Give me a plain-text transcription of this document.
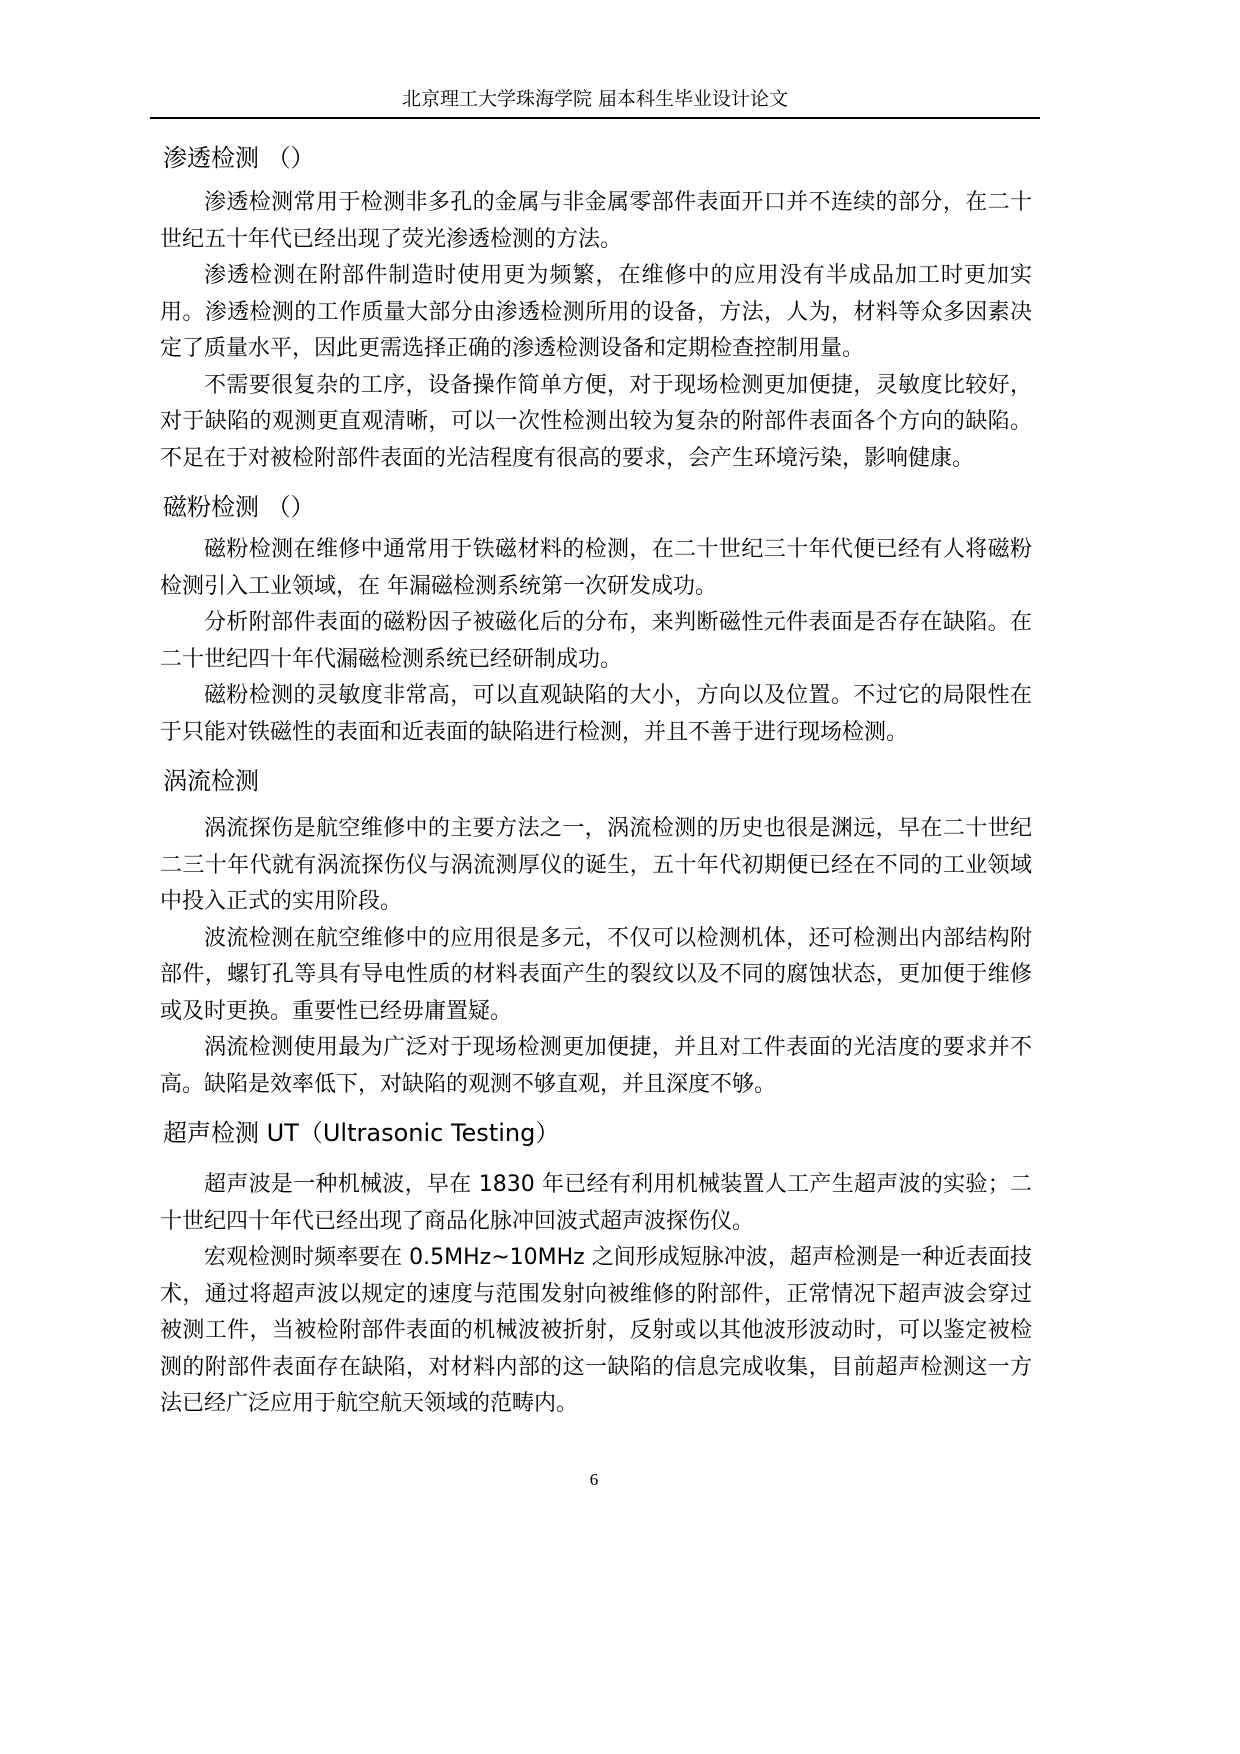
北京理工大学珠海学院 届本科生毕业设计论文
渗透检测 （）

渗透检测常用于检测非多孔的金属与非金属零部件表面开口并不连续的部分，在二十世纪五十年代已经出现了荧光渗透检测的方法。

渗透检测在附部件制造时使用更为频繁，在维修中的应用没有半成品加工时更加实用。渗透检测的工作质量大部分由渗透检测所用的设备，方法，人为，材料等众多因素决定了质量水平，因此更需选择正确的渗透检测设备和定期检查控制用量。

不需要很复杂的工序，设备操作简单方便，对于现场检测更加便捷，灵敏度比较好，对于缺陷的观测更直观清晰，可以一次性检测出较为复杂的附部件表面各个方向的缺陷。不足在于对被检附部件表面的光洁程度有很高的要求，会产生环境污染，影响健康。

磁粉检测 （）

磁粉检测在维修中通常用于铁磁材料的检测，在二十世纪三十年代便已经有人将磁粉检测引入工业领域，在 年漏磁检测系统第一次研发成功。

分析附部件表面的磁粉因子被磁化后的分布，来判断磁性元件表面是否存在缺陷。在二十世纪四十年代漏磁检测系统已经研制成功。

磁粉检测的灵敏度非常高，可以直观缺陷的大小，方向以及位置。不过它的局限性在于只能对铁磁性的表面和近表面的缺陷进行检测，并且不善于进行现场检测。

涡流检测

涡流探伤是航空维修中的主要方法之一，涡流检测的历史也很是渊远，早在二十世纪二三十年代就有涡流探伤仪与涡流测厚仪的诞生，五十年代初期便已经在不同的工业领域中投入正式的实用阶段。

波流检测在航空维修中的应用很是多元，不仅可以检测机体，还可检测出内部结构附部件，螺钉孔等具有导电性质的材料表面产生的裂纹以及不同的腐蚀状态，更加便于维修或及时更换。重要性已经毋庸置疑。

涡流检测使用最为广泛对于现场检测更加便捷，并且对工件表面的光洁度的要求并不高。缺陷是效率低下，对缺陷的观测不够直观，并且深度不够。

超声检测 UT（Ultrasonic Testing）

超声波是一种机械波，早在 1830 年已经有利用机械装置人工产生超声波的实验；二十世纪四十年代已经出现了商品化脉冲回波式超声波探伤仪。

宏观检测时频率要在 0.5MHz~10MHz 之间形成短脉冲波，超声检测是一种近表面技术，通过将超声波以规定的速度与范围发射向被维修的附部件，正常情况下超声波会穿过被测工件，当被检附部件表面的机械波被折射，反射或以其他波形波动时，可以鉴定被检测的附部件表面存在缺陷，对材料内部的这一缺陷的信息完成收集，目前超声检测这一方法已经广泛应用于航空航天领域的范畴内。

6
